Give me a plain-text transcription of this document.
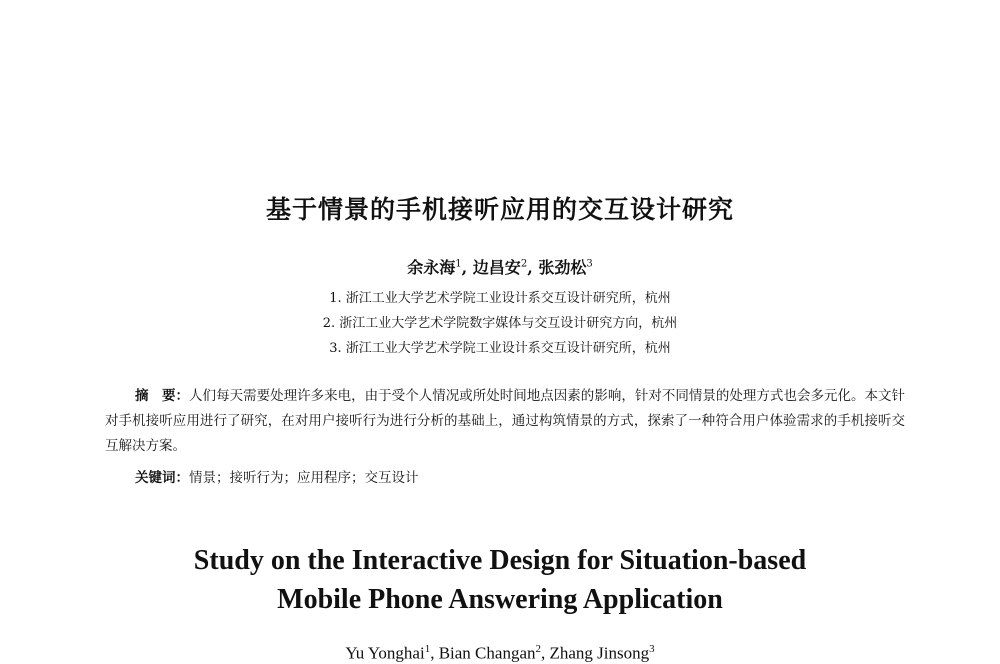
基于情景的手机接听应用的交互设计研究
余永海$^1$, 边昌安$^2$, 张劲松$^3$
1. 浙江工业大学艺术学院工业设计系交互设计研究所，杭州
2. 浙江工业大学艺术学院数字媒体与交互设计研究方向，杭州
3. 浙江工业大学艺术学院工业设计系交互设计研究所，杭州
摘　要：人们每天需要处理许多来电，由于受个人情况或所处时间地点因素的影响，针对不同情景的处理方式也会多元化。本文针对手机接听应用进行了研究，在对用户接听行为进行分析的基础上，通过构筑情景的方式，探索了一种符合用户体验需求的手机接听交互解决方案。
关键词：情景；接听行为；应用程序；交互设计
Study on the Interactive Design for Situation-based
Mobile Phone Answering Application
Yu Yonghai$^1$, Bian Changan$^2$, Zhang Jinsong$^3$
